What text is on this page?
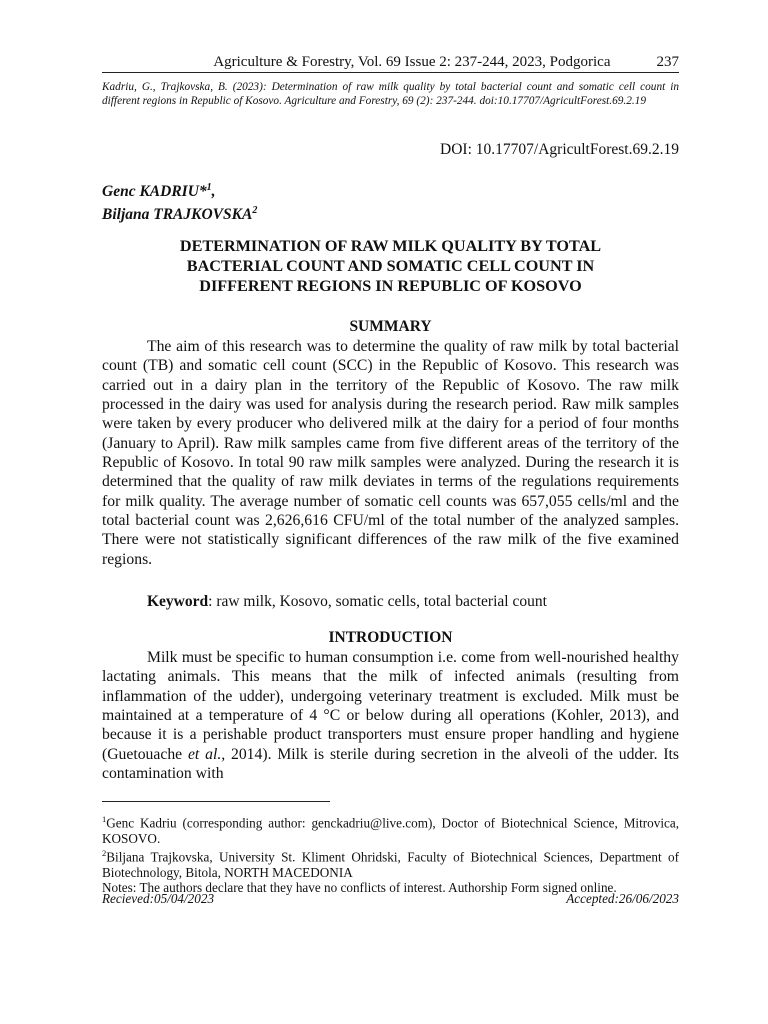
Agriculture & Forestry, Vol. 69 Issue 2: 237-244, 2023, Podgorica	237
Kadriu, G., Trajkovska, B. (2023): Determination of raw milk quality by total bacterial count and somatic cell count in different regions in Republic of Kosovo. Agriculture and Forestry, 69 (2): 237-244. doi:10.17707/AgricultForest.69.2.19
DOI: 10.17707/AgricultForest.69.2.19
Genc KADRIU*$^1$,
Biljana TRAJKOVSKA$^2$
DETERMINATION OF RAW MILK QUALITY BY TOTAL
BACTERIAL COUNT AND SOMATIC CELL COUNT IN
DIFFERENT REGIONS IN REPUBLIC OF KOSOVO
SUMMARY
The aim of this research was to determine the quality of raw milk by total bacterial count (TB) and somatic cell count (SCC) in the Republic of Kosovo. This research was carried out in a dairy plan in the territory of the Republic of Kosovo. The raw milk processed in the dairy was used for analysis during the research period. Raw milk samples were taken by every producer who delivered milk at the dairy for a period of four months (January to April). Raw milk samples came from five different areas of the territory of the Republic of Kosovo. In total 90 raw milk samples were analyzed. During the research it is determined that the quality of raw milk deviates in terms of the regulations requirements for milk quality. The average number of somatic cell counts was 657,055 cells/ml and the total bacterial count was 2,626,616 CFU/ml of the total number of the analyzed samples. There were not statistically significant differences of the raw milk of the five examined regions.
Keyword: raw milk, Kosovo, somatic cells, total bacterial count
INTRODUCTION
Milk must be specific to human consumption i.e. come from well-nourished healthy lactating animals. This means that the milk of infected animals (resulting from inflammation of the udder), undergoing veterinary treatment is excluded. Milk must be maintained at a temperature of 4 °C or below during all operations (Kohler, 2013), and because it is a perishable product transporters must ensure proper handling and hygiene (Guetouache et al., 2014). Milk is sterile during secretion in the alveoli of the udder. Its contamination with
$^1$Genc Kadriu (corresponding author: genckadriu@live.com), Doctor of Biotechnical Science, Mitrovica, KOSOVO.
$^2$Biljana Trajkovska, University St. Kliment Ohridski, Faculty of Biotechnical Sciences, Department of Biotechnology, Bitola, NORTH MACEDONIA
Notes: The authors declare that they have no conflicts of interest. Authorship Form signed online.
Recieved:05/04/2023	Accepted:26/06/2023
